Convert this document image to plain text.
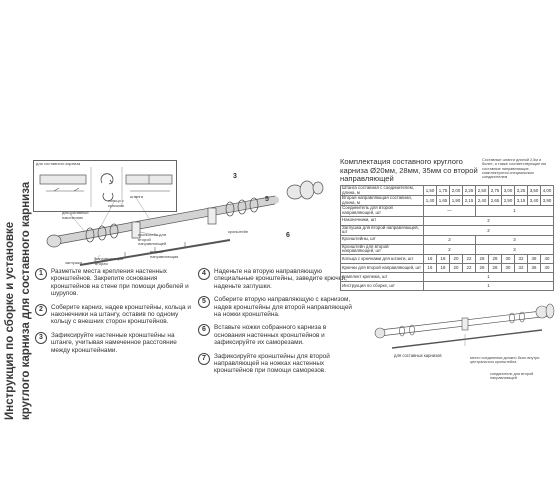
Инструкция по сборке и установке круглого карниза для составного карниза
для составного карниза
декоративный наконечник
кольцо с крючком
штанга
кронштейн для второй направляющей
вторая направляющая
направляющая вторая
заглушка
кронштейн
3
5
6
1	Разметьте места крепления настенных кронштейнов. Закрепите основания кронштейнов на стене при помощи дюбелей и шурупов.
2	Соберите карниз, надев кронштейны, кольца и наконечники на штангу, оставив по одному кольцу с внешних сторон кронштейнов.
3	Зафиксируйте настенные кронштейны на штанге, учитывая намеченное расстояние между кронштейнами.
4	Наденьте на вторую направляющую специальные кронштейны, заведите крючки, наденьте заглушки.
5	Соберите вторую направляющую с карнизом, надев кронштейны для второй направляющей на ножки кронштейна.
6	Вставьте ножки собранного карниза в основания настенных кронштейнов и зафиксируйте их саморезами.
7	Зафиксируйте кронштейны для второй направляющей на ножках настенных кронштейнов при помощи саморезов.
Комплектация составного круглого карниза Ø20мм, 28мм, 35мм со второй направляющей
Составные штанги длиной 2,5м и более, а также соответствующие им составные направляющие, комплектуются специальным соединителем
Штанга составная с соединителем, длина, м	1,50	1,75	2,00	2,25	2,50	2,75	3,00	3,25	3,50	4,00
Вторая направляющая составная, длина, м	1,40	1,65	1,90	2,15	2,40	2,65	2,90	3,15	3,40	3,90
Соединитель для второй направляющей, шт	—				1					
Наконечники, шт	2									
Заглушка для второй направляющей, шт	2									
Кронштейны, шт	2				3					
Кронштейн для второй направляющей, шт	2				3					
Кольца с крючками для штанги, шт	16	18	20	22	26	28	30	32	36	40
Крючки для второй направляющей, шт	16	18	20	22	26	28	30	32	36	40
Комплект крепежа, шт	1									
Инструкция по сборке, шт	1									
для составных карнизов	место соединения должно быть внутри центрального кронштейна
соединитель для второй направляющей
